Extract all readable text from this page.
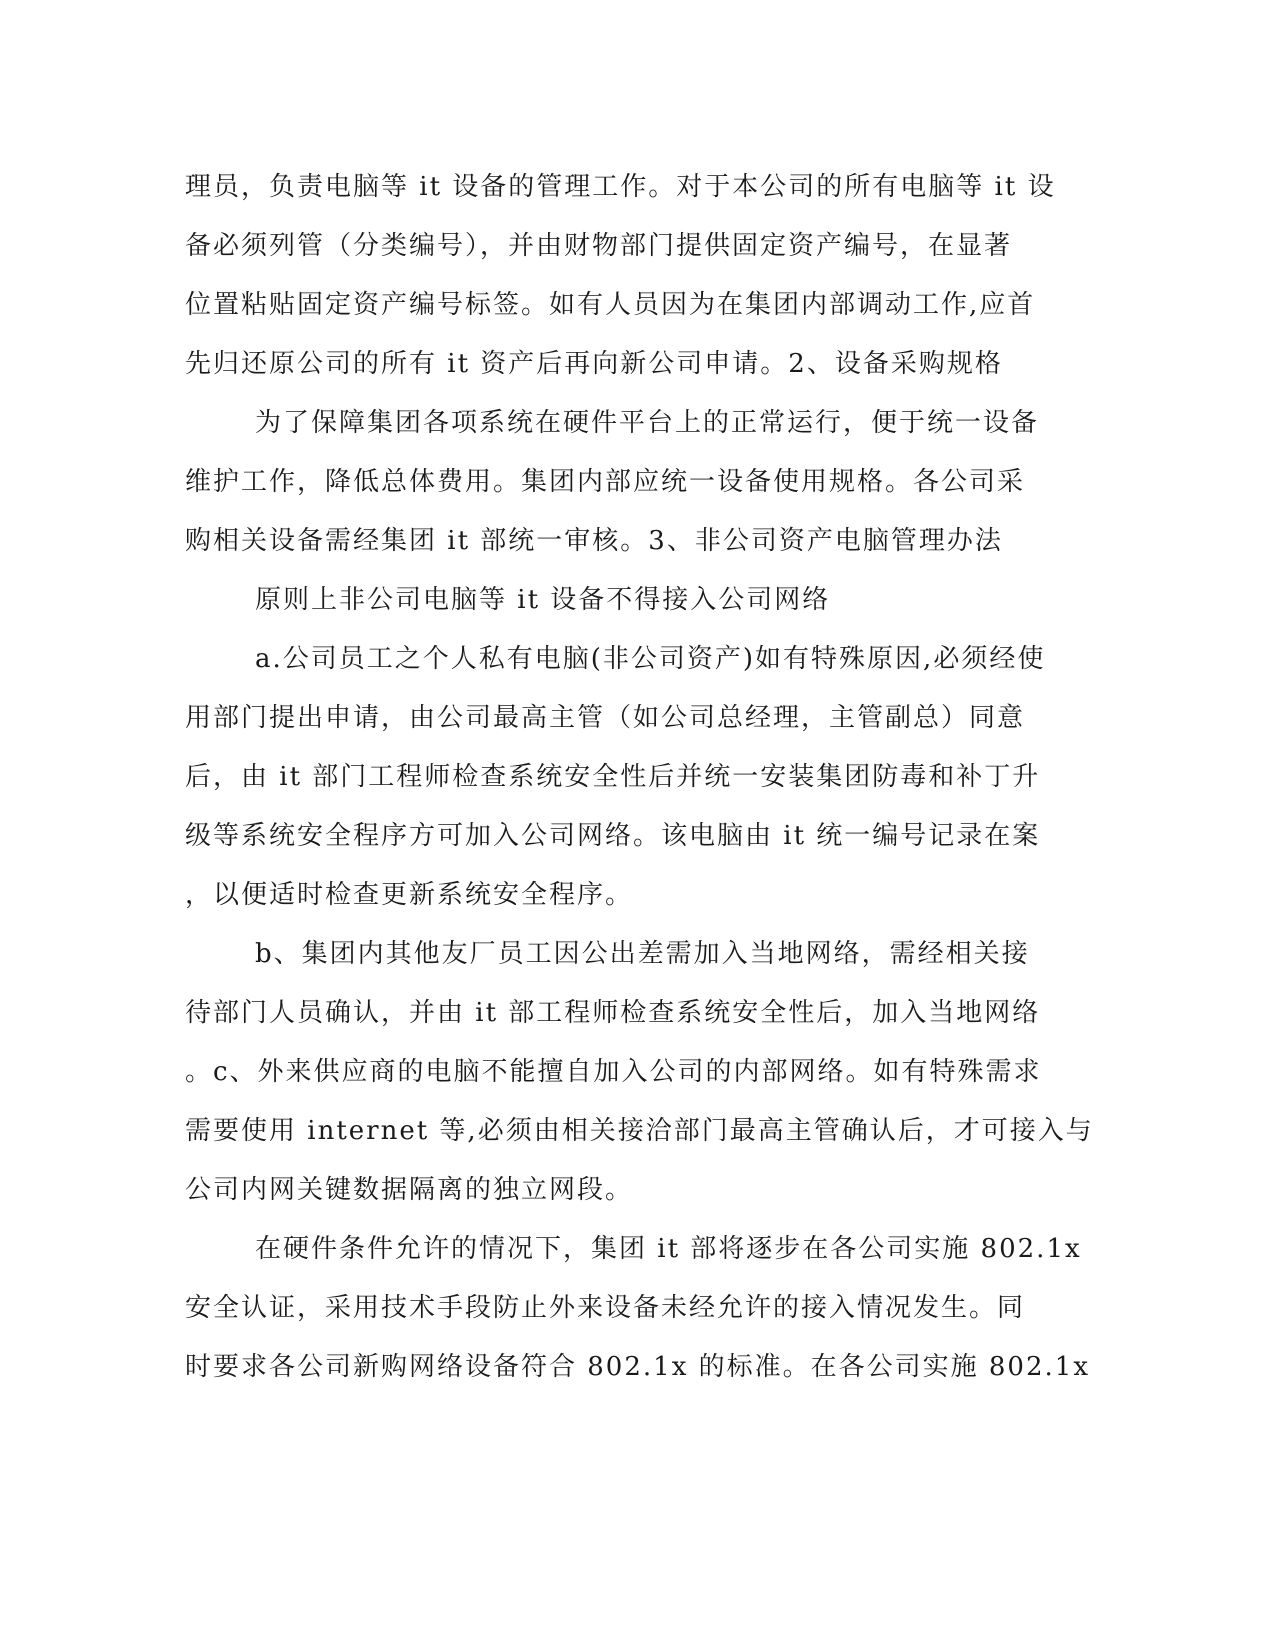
理员，负责电脑等 it 设备的管理工作。对于本公司的所有电脑等 it 设
备必须列管（分类编号），并由财物部门提供固定资产编号，在显著
位置粘贴固定资产编号标签。如有人员因为在集团内部调动工作,应首
先归还原公司的所有 it 资产后再向新公司申请。2、设备采购规格
为了保障集团各项系统在硬件平台上的正常运行，便于统一设备
维护工作，降低总体费用。集团内部应统一设备使用规格。各公司采
购相关设备需经集团 it 部统一审核。3、非公司资产电脑管理办法
原则上非公司电脑等 it 设备不得接入公司网络
a.公司员工之个人私有电脑(非公司资产)如有特殊原因,必须经使
用部门提出申请，由公司最高主管（如公司总经理，主管副总）同意
后，由 it 部门工程师检查系统安全性后并统一安装集团防毒和补丁升
级等系统安全程序方可加入公司网络。该电脑由 it 统一编号记录在案
，以便适时检查更新系统安全程序。
b、集团内其他友厂员工因公出差需加入当地网络，需经相关接
待部门人员确认，并由 it 部工程师检查系统安全性后，加入当地网络
。c、外来供应商的电脑不能擅自加入公司的内部网络。如有特殊需求
需要使用 internet 等,必须由相关接洽部门最高主管确认后，才可接入与
公司内网关键数据隔离的独立网段。
在硬件条件允许的情况下，集团 it 部将逐步在各公司实施 802.1x
安全认证，采用技术手段防止外来设备未经允许的接入情况发生。同
时要求各公司新购网络设备符合 802.1x 的标准。在各公司实施 802.1x
